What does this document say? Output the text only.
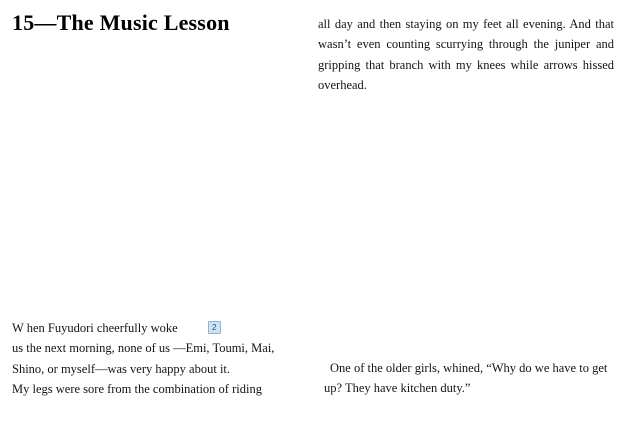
15—The Music Lesson	all day and then staying on my feet all evening. And that wasn’t even counting scurrying through the juniper and gripping that branch with my knees while arrows hissed overhead.

One of the older girls, whined, “Why do we have to get up? They have kitchen duty.”

W hen Fuyudori cheerfully woke	2
us the next morning, none of us —Emi, Toumi, Mai, Shino, or myself—was very happy about it.

My legs were sore from the combination of riding
